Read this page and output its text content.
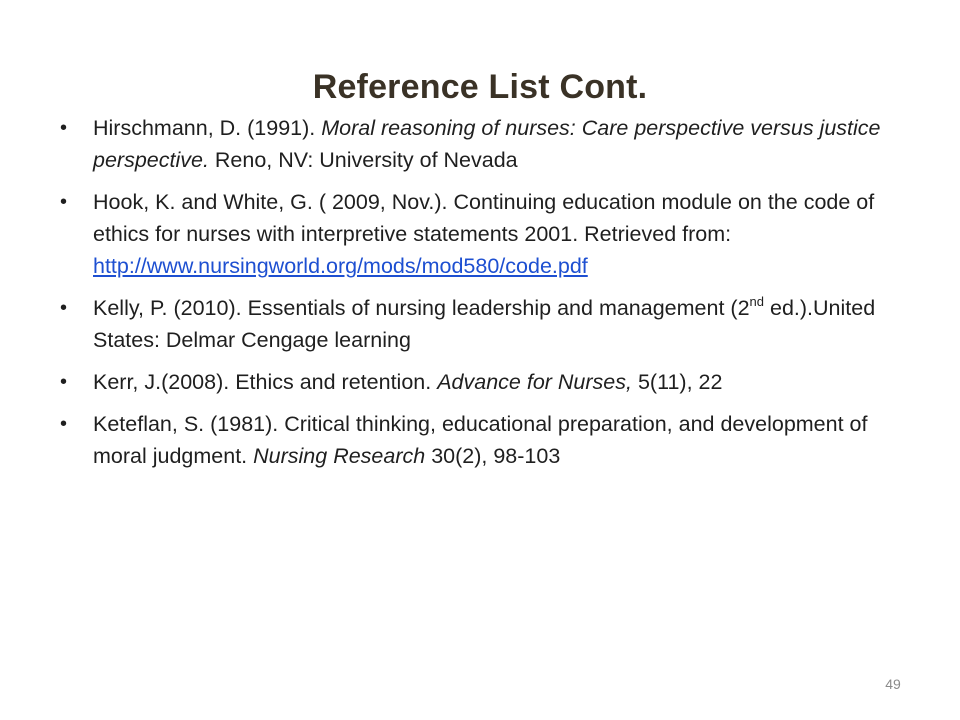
Reference List Cont.
• Hirschmann, D. (1991). Moral reasoning of nurses: Care perspective versus justice perspective. Reno, NV: University of Nevada
• Hook, K. and White, G. ( 2009, Nov.). Continuing education module on the code of ethics for nurses with interpretive statements 2001. Retrieved from: http://www.nursingworld.org/mods/mod580/code.pdf
• Kelly, P. (2010). Essentials of nursing leadership and management (2nd ed.).United States: Delmar Cengage learning
• Kerr, J.(2008). Ethics and retention. Advance for Nurses, 5(11), 22
• Keteflan, S. (1981). Critical thinking, educational preparation, and development of moral judgment. Nursing Research 30(2), 98-103
49
